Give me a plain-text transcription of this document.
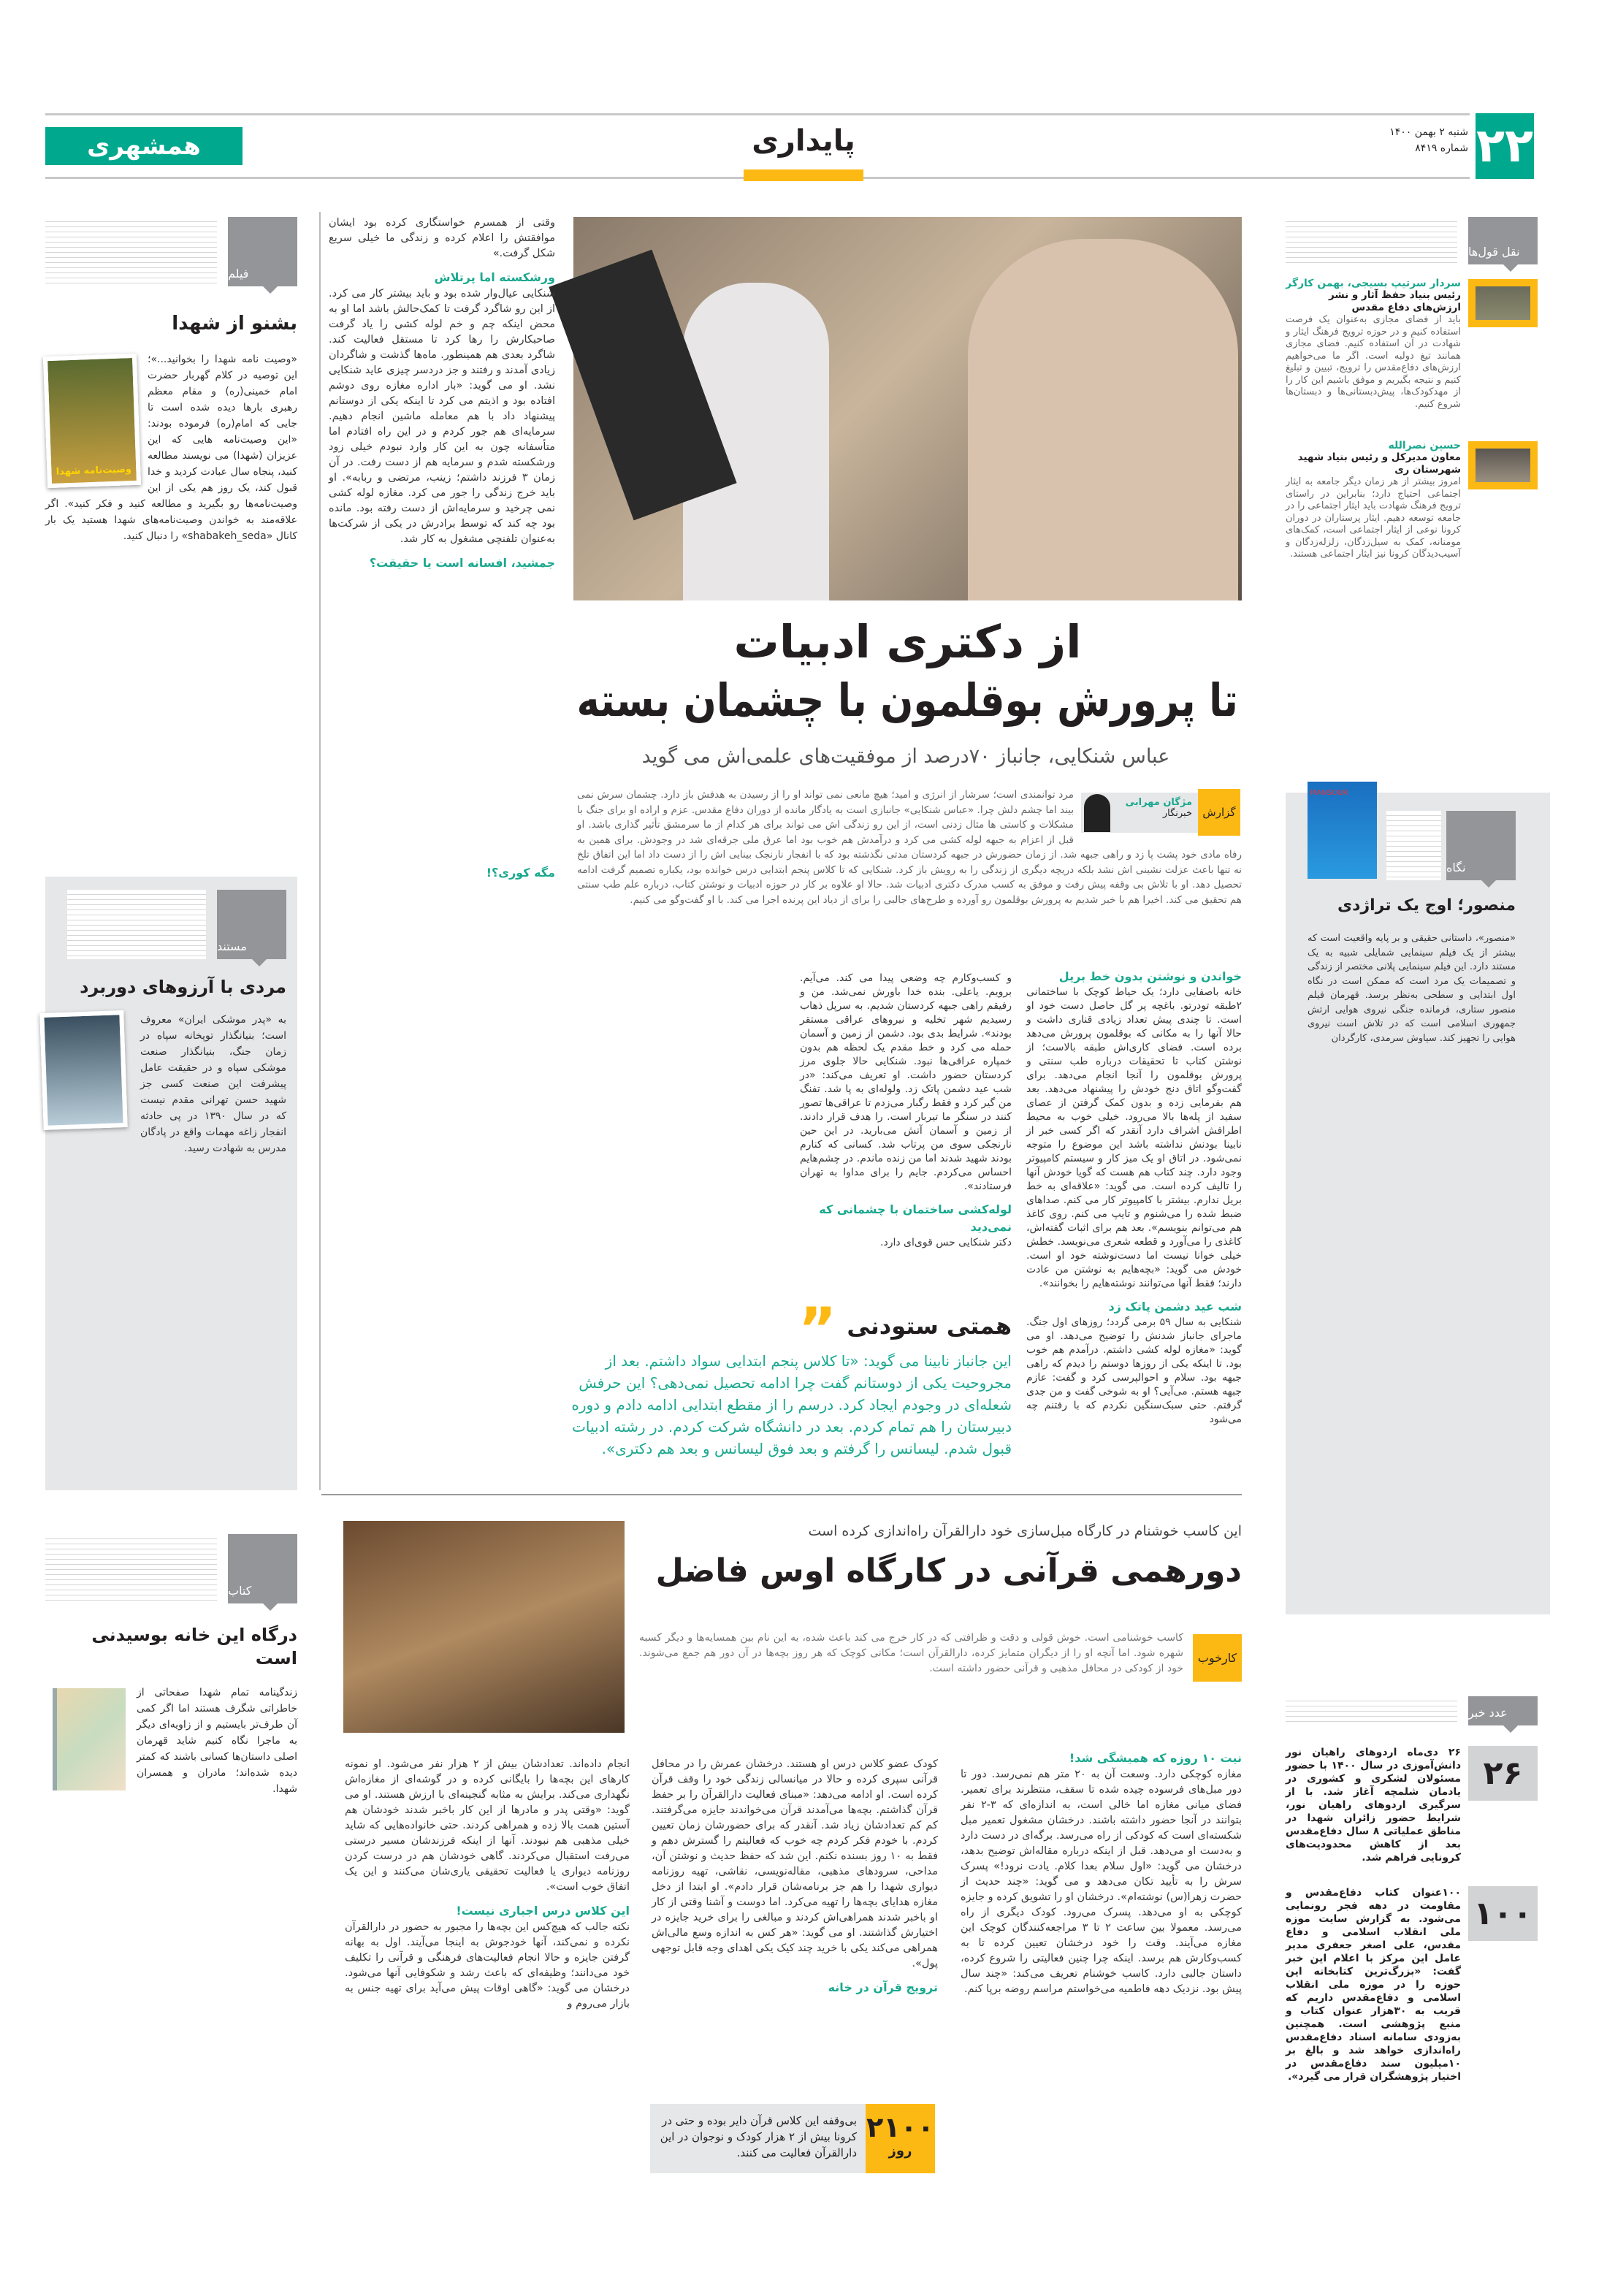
۲۲
شنبه ۲ بهمن ۱۴۰۰
شماره ۸۴۱۹
پایداری
همشهری
از دکتری ادبیات
تا پرورش بوقلمون با چشمان بسته
عباس شنکایی، جانباز ۷۰درصد از موفقیت‌های علمی‌اش می گوید
گزارش
مژگان مهرابی
خبرنگار
مرد توانمندی است؛ سرشار از انرژی و امید؛ هیچ مانعی نمی تواند او را از رسیدن به هدفش باز دارد. چشمان سرش نمی بیند اما چشم دلش چرا. «عباس شنکایی» جانبازی است به یادگار مانده از دوران دفاع مقدس. عزم و اراده او برای جنگ با مشکلات و کاستی ها مثال زدنی است، از این رو زندگی اش می تواند برای هر کدام از ما سرمشق تأثیر گذاری باشد. او قبل از اعزام به جبهه لوله کشی می کرد و درآمدش هم خوب بود اما عرق ملی جرقه‌ای شد در وجودش. برای همین به رفاه مادی خود پشت پا زد و راهی جبهه شد. از زمان حضورش در جبهه کردستان مدتی نگذشته بود که با انفجار نارنجک بینایی اش را از دست داد اما این اتفاق تلخ نه تنها باعث عزلت نشینی اش نشد بلکه دریچه دیگری از زندگی را به رویش باز کرد. شنکایی که تا کلاس پنجم ابتدایی درس خوانده بود، یکباره تصمیم گرفت ادامه تحصیل دهد. او با تلاش بی وقفه پیش رفت و موفق به کسب مدرک دکتری ادبیات شد. حالا او علاوه بر کار در حوزه ادبیات و نوشتن کتاب، درباره علم طب سنتی هم تحقیق می کند. اخیرا هم با خبر شدیم به پرورش بوقلمون رو آورده و طرح‌های جالبی را برای از دیاد این پرنده اجرا می کند. با او گفت‌وگو می کنیم.
وقتی از همسرم خواستگاری کرده بود ایشان موافقتش را اعلام کرده و زندگی ما خیلی سریع شکل گرفت.»
ورشکسته اما پرتلاش
شنکایی عیال‌وار شده بود و باید بیشتر کار می کرد. از این رو شاگرد گرفت تا کمک‌حالش باشد اما او به محض اینکه چم و خم لوله کشی را یاد گرفت صاحبکارش را رها کرد تا مستقل فعالیت کند. شاگرد بعدی هم همینطور. ماه‌ها گذشت و شاگردان زیادی آمدند و رفتند و جز دردسر چیزی عاید شنکایی نشد. او می گوید: «بار اداره مغازه روی دوشم افتاده بود و اذیتم می کرد تا اینکه یکی از دوستانم پیشنهاد داد با هم معامله ماشین انجام دهیم. سرمایه‌ای هم جور کردم و در این راه افتادم اما متأسفانه چون به این کار وارد نبودم خیلی زود ورشکسته شدم و سرمایه هم از دست رفت. در آن زمان ۳ فرزند داشتم؛ زینب، مرتضی و ربابه». او باید خرج زندگی را جور می کرد. مغازه لوله کشی نمی چرخید و سرمایه‌اش از دست رفته بود. مانده بود چه کند که توسط برادرش در یکی از شرکت‌ها به‌عنوان تلفنچی مشغول به کار شد.
جمشید، افسانه است یا حقیقت؟
مگه کوری؟!
خواندن و نوشتن بدون خط بریل
خانه باصفایی دارد؛ یک حیاط کوچک با ساختمانی ۲طبقه تودرتو. باغچه پر گل حاصل دست خود او است. تا چندی پیش تعداد زیادی قناری داشت و حالا آنها را به مکانی که بوقلمون پرورش می‌دهد برده است. فضای کاری‌اش طبقه بالاست؛ از نوشتن کتاب تا تحقیقات درباره طب سنتی و پرورش بوقلمون را آنجا انجام می‌دهد. برای گفت‌وگو اتاق دنج خودش را پیشنهاد می‌دهد. بعد هم بفرمایی زده و بدون کمک گرفتن از عصای سفید از پله‌ها بالا می‌رود. خیلی خوب به محیط اطرافش اشراف دارد آنقدر که اگر کسی خبر از نابینا بودنش نداشته باشد این موضوع را متوجه نمی‌شود. در اتاق او یک میز کار و سیستم کامپیوتر وجود دارد. چند کتاب هم هست که گویا خودش آنها را تالیف کرده است. می گوید: «علاقه‌ای به خط بریل ندارم. بیشتر با کامپیوتر کار می کنم. صداهای ضبط شده را می‌شنوم و تایپ می کنم. روی کاغذ هم می‌توانم بنویسم». بعد هم برای اثبات گفته‌اش، کاغذی را می‌آورد و قطعه شعری می‌نویسد. خطش خیلی خوانا نیست اما دست‌نوشته خود او است. خودش می گوید: «بچه‌هایم به نوشتن من عادت دارند؛ فقط آنها می‌توانند نوشته‌هایم را بخوانند».
شب عید دشمن پاتک زد
شنکایی به سال ۵۹ برمی گردد؛ روزهای اول جنگ. ماجرای جانباز شدنش را توضیح می‌دهد. او می گوید: «مغازه لوله کشی داشتم. درآمدم هم خوب بود. تا اینکه یکی از روزها دوستم را دیدم که راهی جبهه بود. سلام و احوالپرسی کرد و گفت: عازم جبهه هستم. می‌آیی؟ او به شوخی گفت و من جدی گرفتم. حتی سبک‌سنگین نکردم که با رفتنم چه می‌شود
و کسب‌وکارم چه وضعی پیدا می کند. می‌آیم. برویم. یاعلی. بنده خدا باورش نمی‌شد. من و رفیقم راهی جبهه کردستان شدیم. به سرپل ذهاب رسیدیم شهر تخلیه و نیروهای عراقی مستقر بودند». شرایط بدی بود. دشمن از زمین و آسمان حمله می کرد و خط مقدم یک لحظه هم بدون خمپاره عراقی‌ها نبود. شنکایی حالا جلوی مرز کردستان حضور داشت. او تعریف می‌کند: «در شب عید دشمن پاتک زد. ولوله‌ای به پا شد. تفنگ من گیر کرد و فقط رگبار می‌زدم تا عراقی‌ها تصور کنند در سنگر ما تیربار است. را هدف قرار دادند. از زمین و آسمان آتش می‌بارید. در این حین نارنجکی سوی من پرتاب شد. کسانی که کنارم بودند شهید شدند اما من زنده ماندم. در چشم‌هایم احساس می‌کردم. جایم را برای مداوا به تهران فرستادند».
لوله‌کشی ساختمان با چشمانی که نمی‌دید
دکتر شنکایی حس قوی‌ای دارد.
همتی ستودنی
”
این جانباز نابینا می گوید: «تا کلاس پنجم ابتدایی سواد داشتم. بعد از مجروحیت یکی از دوستانم گفت چرا ادامه تحصیل نمی‌دهی؟ این حرفش شعله‌ای در وجودم ایجاد کرد. درسم را از مقطع ابتدایی ادامه دادم و دوره دبیرستان را هم تمام کردم. بعد در دانشگاه شرکت کردم. در رشته ادبیات قبول شدم. لیسانس را گرفتم و بعد فوق لیسانس و بعد هم دکتری».
این کاسب خوشنام در کارگاه مبل‌سازی خود دارالقرآن راه‌اندازی کرده است
دورهمی قرآنی در کارگاه اوس فاضل
کارخوب
کاسب خوشنامی است. خوش قولی و دقت و ظرافتی که در کار خرج می کند باعث شده، به این نام بین همسایه‌ها و دیگر کسبه شهره شود. اما آنچه او را از دیگران متمایز کرده، دارالقرآن است؛ مکانی کوچک که هر روز بچه‌ها در آن دور هم جمع می‌شوند. خود از کودکی در محافل مذهبی و قرآنی حضور داشته است.
نیت ۱۰ روزه که همیشگی شد!
مغازه کوچکی دارد. وسعت آن به ۲۰ متر هم نمی‌رسد. دور تا دور مبل‌های فرسوده چیده شده تا سقف، منتظرند برای تعمیر. فضای میانی مغازه اما خالی است، به اندازه‌ای که ۳-۲ نفر بتوانند در آنجا حضور داشته باشند. درخشان مشغول تعمیر مبل شکسته‌ای است که کودکی از راه می‌رسد. برگه‌ای در دست دارد و به‌دست او می‌دهد. قبل از اینکه درباره مقاله‌اش توضیح بدهد، درخشان می گوید: «اول سلام بعدا کلام. یادت نرود!» پسرک سرش را به تأیید تکان می‌دهد و می گوید: «چند حدیث از حضرت زهرا(س) نوشته‌ام». درخشان او را تشویق کرده و جایزه کوچکی به او می‌دهد. پسرک می‌رود. کودک دیگری از راه می‌رسد. معمولا بین ساعت ۲ تا ۳ مراجعه‌کنندگان کوچک این مغازه می‌آیند. وقت را خود درخشان تعیین کرده تا به کسب‌وکارش هم برسد. اینکه چرا چنین فعالیتی را شروع کرده، داستان جالبی دارد. کاسب خوشنام تعریف می‌کند: «چند سال پیش بود. نزدیک دهه فاطمیه می‌خواستم مراسم روضه برپا کنم.
کودک عضو کلاس درس او هستند. درخشان عمرش را در محافل قرآنی سپری کرده و حالا در میانسالی زندگی خود را وقف قرآن کرده است. او ادامه می‌دهد: «مبنای فعالیت دارالقرآن را بر حفظ قرآن گذاشتم. بچه‌ها می‌آمدند قرآن می‌خواندند جایزه می‌گرفتند. کم کم تعدادشان زیاد شد. آنقدر که برای حضورشان زمان تعیین کردم. با خودم فکر کردم چه خوب که فعالیتم را گسترش دهم و فقط به ۱۰ روز بسنده نکنم. این شد که حفظ حدیث و نوشتن آن، مداحی، سرودهای مذهبی، مقاله‌نویسی، نقاشی، تهیه روزنامه دیواری شهدا را هم جز برنامه‌شان قرار دادم». او ابتدا از دخل مغازه هدایای بچه‌ها را تهیه می‌کرد. اما دوست و آشنا وقتی از کار او باخبر شدند همراهی‌اش کردند و مبالغی را برای خرید جایزه در اختیارش گذاشتند. او می گوید: «هر کس به اندازه وسع مالی‌اش همراهی می‌کند یکی با خرید چند کیک یکی اهدای وجه قابل توجهی پول».
ترویج قرآن در خانه
انجام داده‌اند. تعدادشان بیش از ۲ هزار نفر می‌شود. او نمونه کارهای این بچه‌ها را بایگانی کرده و در گوشه‌ای از مغازه‌اش نگهداری می‌کند. برایش به مثابه گنجینه‌ای با ارزش هستند. او می گوید: «وقتی پدر و مادرها از این کار باخبر شدند خودشان هم آستین همت بالا زده و همراهی کردند. حتی خانواده‌هایی که شاید خیلی مذهبی هم نبودند. آنها از اینکه فرزندشان مسیر درستی می‌رفت استقبال می‌کردند. گاهی خودشان هم در درست کردن روزنامه دیواری یا فعالیت تحقیقی یاری‌شان می‌کنند و این یک اتفاق خوب است».
این کلاس درس اجباری نیست!
نکته جالب که هیچ‌کس این بچه‌ها را مجبور به حضور در دارالقرآن نکرده و نمی‌کند، آنها خودجوش به اینجا می‌آیند. اول به بهانه گرفتن جایزه و حالا انجام فعالیت‌های فرهنگی و قرآنی را تکلیف خود می‌دانند؛ وظیفه‌ای که باعث رشد و شکوفایی آنها می‌شود. درخشان می گوید: «گاهی اوقات پیش می‌آید برای تهیه جنس به بازار می‌روم و
۲۱۰۰
روز
بی‌وقفه این کلاس قرآن دایر بوده و حتی در کرونا بیش از ۲ هزار کودک و نوجوان در این دارالقرآن فعالیت می کنند.
نقل قول‌ها
سردار سرتیپ بسیجی، بهمن کارگر
رئیس بنیاد حفظ آثار و نشر ارزش‌های دفاع مقدس
باید از فضای مجازی به‌عنوان یک فرصت استفاده کنیم و در حوزه ترویج فرهنگ ایثار و شهادت در آن استفاده کنیم. فضای مجازی همانند تیغ دولبه است. اگر ما می‌خواهیم ارزش‌های دفاع‌مقدس را ترویج، تبیین و تبلیغ کنیم و نتیجه بگیریم و موفق باشیم این کار را از مهدکودک‌ها، پیش‌دبستانی‌ها و دبستان‌ها شروع کنیم.
حسین نصرالله
معاون مدیرکل و رئیس بنیاد شهید شهرستان ری
امروز بیشتر از هر زمان دیگر جامعه به ایثار اجتماعی احتیاج دارد؛ بنابراین در راستای ترویج فرهنگ شهادت باید ایثار اجتماعی را در جامعه توسعه دهیم. ایثار پرستاران در دوران کرونا نوعی از ایثار اجتماعی است، کمک‌های مومنانه، کمک به سیل‌زدگان، زلزله‌زدگان و آسیب‌دیدگان کرونا نیز ایثار اجتماعی هستند.
MANSOUR
نگاه
منصور؛ اوج یک تراژدی
«منصور»، داستانی حقیقی و بر پایه واقعیت است که بیشتر از یک فیلم سینمایی شمایلی شبیه به یک مستند دارد. این فیلم سینمایی پلانی مختصر از زندگی و تصمیمات یک مرد است که ممکن است در نگاه اول ابتدایی و سطحی به‌نظر برسد. قهرمان فیلم منصور ستاری، فرمانده جنگی نیروی هوایی ارتش جمهوری اسلامی است که در تلاش است نیروی هوایی را تجهیز کند. سیاوش سرمدی، کارگردان
عدد خبر
۲۶
۲۶ دی‌ماه اردوهای راهیان نور دانش‌آموزی در سال ۱۴۰۰ با حضور مسئولان لشکری و کشوری در یادمان شلمچه آغاز شد. با از سرگیری اردوهای راهیان نور، شرایط حضور زائران شهدا در مناطق عملیاتی ۸ سال دفاع‌مقدس بعد از کاهش محدودیت‌های کرونایی فراهم شد.
۱۰۰
۱۰۰عنوان کتاب دفاع‌مقدس و مقاومت در دهه فجر رونمایی می‌شود. به گزارش سایت موزه ملی انقلاب اسلامی و دفاع مقدس، علی اصغر جعفری مدیر عامل این مرکز با اعلام این خبر گفت: «بزرگ‌ترین کتابخانه این حوزه را در موزه ملی انقلاب اسلامی و دفاع‌مقدس داریم که قریب به ۳۰هزار عنوان کتاب و منبع پژوهشی است. همچنین به‌زودی سامانه اسناد دفاع‌مقدس راه‌اندازی خواهد شد و بالغ بر ۱۰میلیون سند دفاع‌مقدس در اختیار پژوهشگران قرار می گیرد».
فیلم
بشنو از شهدا
وصیت‌نامه شهدا
«وصیت نامه شهدا را بخوانید...»؛ این توصیه در کلام گهربار حضرت امام خمینی(ره) و مقام معظم رهبری بارها دیده شده است تا جایی که امام(ره) فرموده بودند: «این وصیت‌نامه هایی که این عزیزان (شهدا) می نویسند مطالعه کنید، پنجاه سال عبادت کردید و خدا قبول کند، یک روز هم یکی از این وصیت‌نامه‌ها رو بگیرید و مطالعه کنید و فکر کنید». اگر علاقه‌مند به خواندن وصیت‌نامه‌های شهدا هستید یک بار کانال «shabakeh_seda» را دنبال کنید.
مستند
مردی با آرزوهای دوربرد
به «پدر موشکی ایران» معروف است؛ بنیانگذار توپخانه سپاه در زمان جنگ، بنیانگذار صنعت موشکی سپاه و در حقیقت عامل پیشرفت این صنعت کسی جز شهید حسن تهرانی مقدم نیست که در سال ۱۳۹۰ در پی حادثه انفجار زاغه مهمات واقع در پادگان مدرس به شهادت رسید.
کتاب
درگاه این خانه بوسیدنی است
زندگینامه تمام شهدا صفحاتی از خاطراتی شگرف هستند اما اگر کمی آن طرف‌تر بایستیم و از زاویه‌ای دیگر به ماجرا نگاه کنیم شاید قهرمان اصلی داستان‌ها کسانی باشند که کمتر دیده شده‌اند؛ مادران و همسران شهدا.
